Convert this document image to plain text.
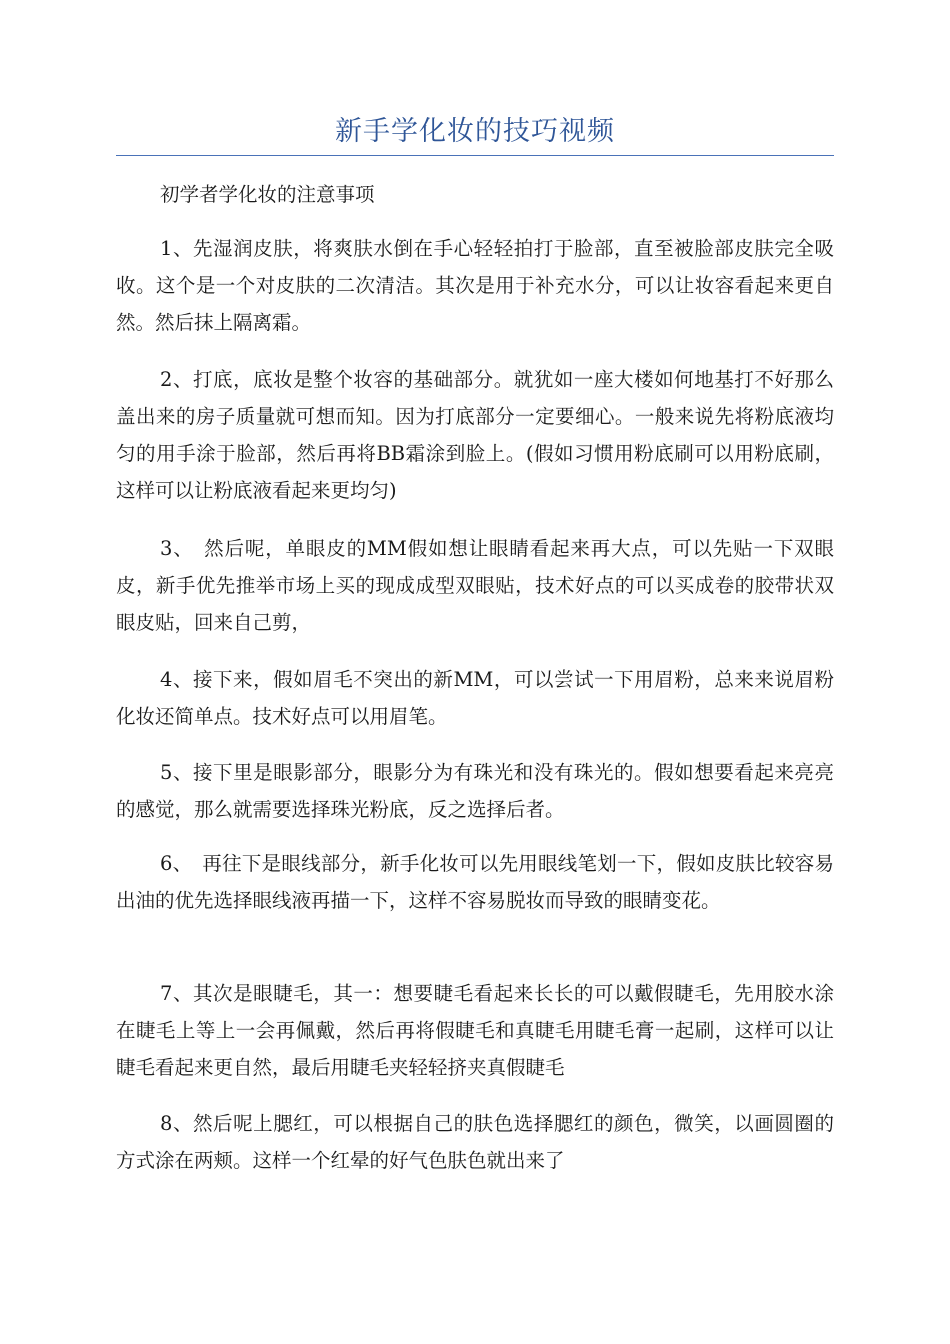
新手学化妆的技巧视频
初学者学化妆的注意事项

1、先湿润皮肤，将爽肤水倒在手心轻轻拍打于脸部，直至被脸部皮肤完全吸收。这个是一个对皮肤的二次清洁。其次是用于补充水分，可以让妆容看起来更自然。然后抹上隔离霜。

2、打底，底妆是整个妆容的基础部分。就犹如一座大楼如何地基打不好那么盖出来的房子质量就可想而知。因为打底部分一定要细心。一般来说先将粉底液均匀的用手涂于脸部，然后再将BB霜涂到脸上。(假如习惯用粉底刷可以用粉底刷，这样可以让粉底液看起来更均匀)

3、　然后呢，单眼皮的MM假如想让眼睛看起来再大点，可以先贴一下双眼皮，新手优先推举市场上买的现成成型双眼贴，技术好点的可以买成卷的胶带状双眼皮贴，回来自己剪，

4、接下来，假如眉毛不突出的新MM，可以尝试一下用眉粉，总来来说眉粉化妆还简单点。技术好点可以用眉笔。

5、接下里是眼影部分，眼影分为有珠光和没有珠光的。假如想要看起来亮亮的感觉，那么就需要选择珠光粉底，反之选择后者。

6、　再往下是眼线部分，新手化妆可以先用眼线笔划一下，假如皮肤比较容易出油的优先选择眼线液再描一下，这样不容易脱妆而导致的眼睛变花。

7、其次是眼睫毛，其一：想要睫毛看起来长长的可以戴假睫毛，先用胶水涂在睫毛上等上一会再佩戴，然后再将假睫毛和真睫毛用睫毛膏一起刷，这样可以让睫毛看起来更自然，最后用睫毛夹轻轻挤夹真假睫毛

8、然后呢上腮红，可以根据自己的肤色选择腮红的颜色，微笑，以画圆圈的方式涂在两颊。这样一个红晕的好气色肤色就出来了
